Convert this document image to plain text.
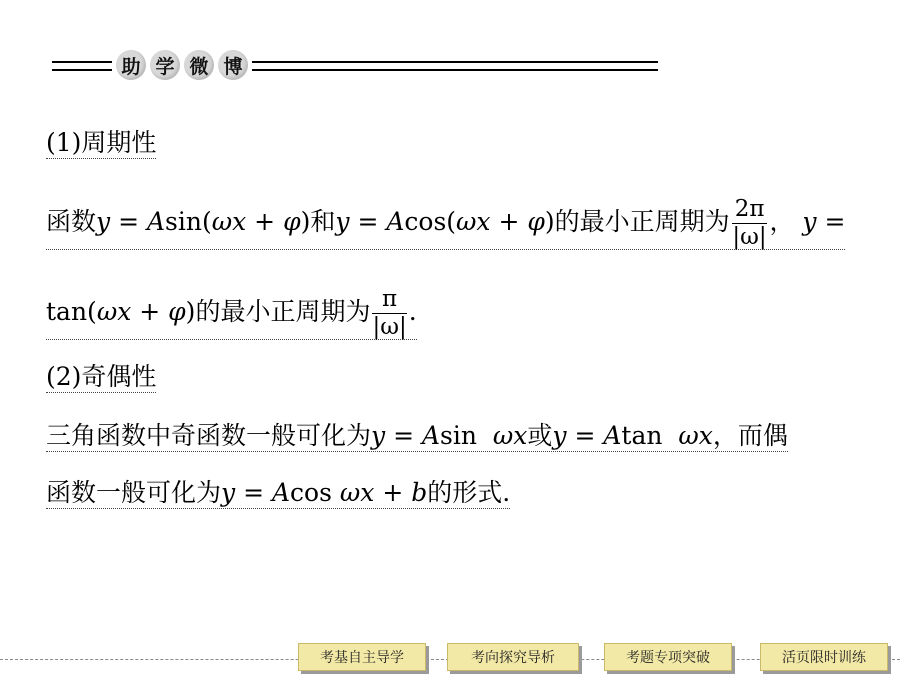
助 学 微 博
(1)周期性
函数y = Asin(ωx + φ)和y = Acos(ωx + φ)的最小正周期为 $\frac{2\pi}{|\omega|}$ ， y =
tan(ωx + φ)的最小正周期为 $\frac{\pi}{|\omega|}$ .
(2)奇偶性
三角函数中奇函数一般可化为y = Asin  ωx或y = Atan  ωx，而偶
函数一般可化为y = Acos ωx + b的形式.
考基自主导学	考向探究导析	考题专项突破	活页限时训练
